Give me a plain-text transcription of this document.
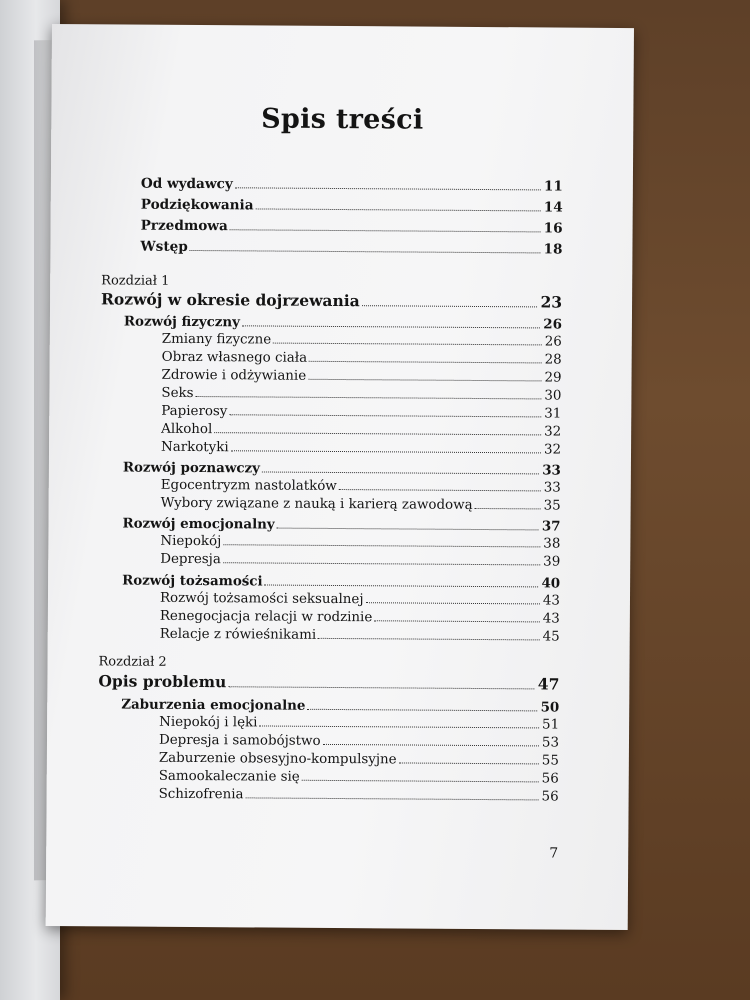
Spis treści
Od wydawcy	11
Podziękowania	14
Przedmowa	16
Wstęp	18
Rozdział 1
Rozwój w okresie dojrzewania	23
Rozwój fizyczny	26
Zmiany fizyczne	26
Obraz własnego ciała	28
Zdrowie i odżywianie	29
Seks	30
Papierosy	31
Alkohol	32
Narkotyki	32
Rozwój poznawczy	33
Egocentryzm nastolatków	33
Wybory związane z nauką i karierą zawodową	35
Rozwój emocjonalny	37
Niepokój	38
Depresja	39
Rozwój tożsamości	40
Rozwój tożsamości seksualnej	43
Renegocjacja relacji w rodzinie	43
Relacje z rówieśnikami	45
Rozdział 2
Opis problemu	47
Zaburzenia emocjonalne	50
Niepokój i lęki	51
Depresja i samobójstwo	53
Zaburzenie obsesyjno-kompulsyjne	55
Samookaleczanie się	56
Schizofrenia	56
7
